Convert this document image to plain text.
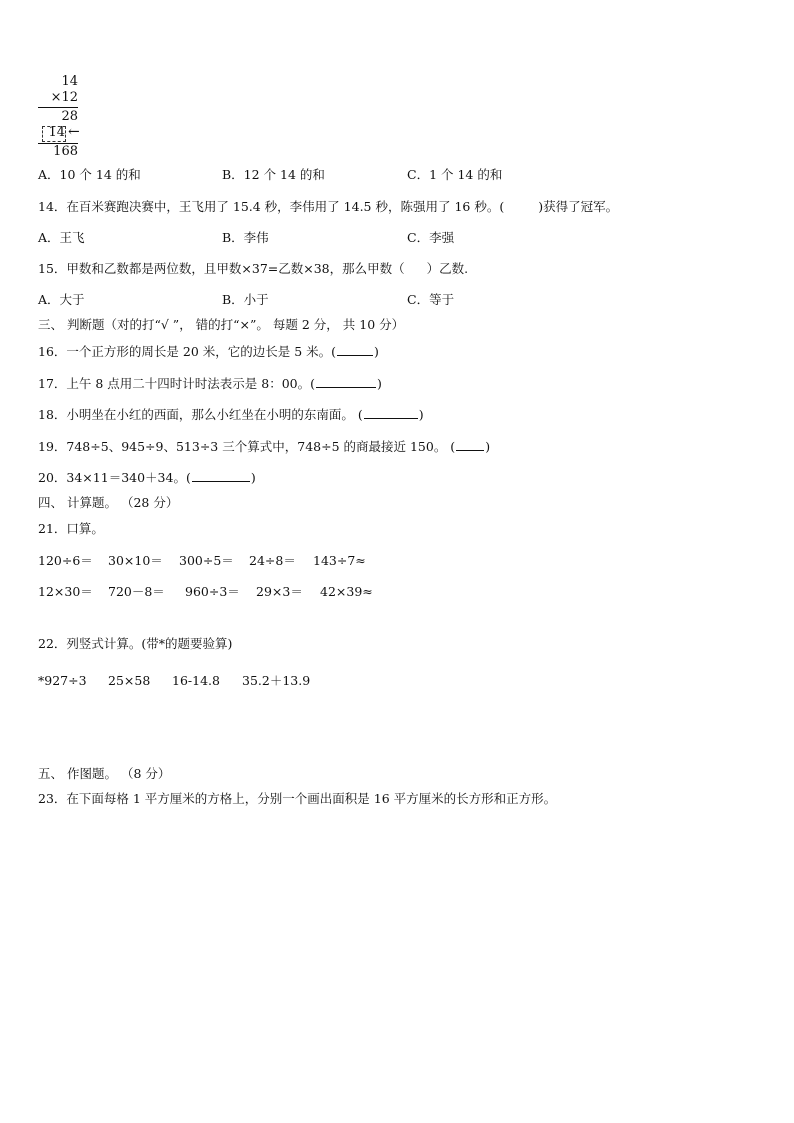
14
×12
28
14 ←
168
A．10 个 14 的和	B．12 个 14 的和	C．1 个 14 的和
14．在百米赛跑决赛中，王飞用了 15.4 秒，李伟用了 14.5 秒，陈强用了 16 秒。(	)获得了冠军。
A．王飞	B．李伟	C．李强
15．甲数和乙数都是两位数，且甲数×37=乙数×38，那么甲数（ ）乙数.
A．大于	B．小于	C．等于
三、 判断题（对的打“√ ”， 错的打“×”。 每题 2 分， 共 10 分）
16．一个正方形的周长是 20 米，它的边长是 5 米。(	)
17．上午 8 点用二十四时计时法表示是 8：00。(	)
18．小明坐在小红的西面，那么小红坐在小明的东南面。 (	)
19．748÷5、945÷9、513÷3 三个算式中，748÷5 的商最接近 150。 ( )
20．34×11＝340＋34。(	)
四、 计算题。 （28 分）
21．口算。
120÷6＝ 30×10＝ 300÷5＝ 24÷8＝ 143÷7≈
12×30＝ 720－8＝ 960÷3＝ 29×3＝ 42×39≈
22．列竖式计算。(带*的题要验算)
*927÷3 25×58 16-14.8 35.2＋13.9
五、 作图题。 （8 分）
23．在下面每格 1 平方厘米的方格上，分别一个画出面积是 16 平方厘米的长方形和正方形。
